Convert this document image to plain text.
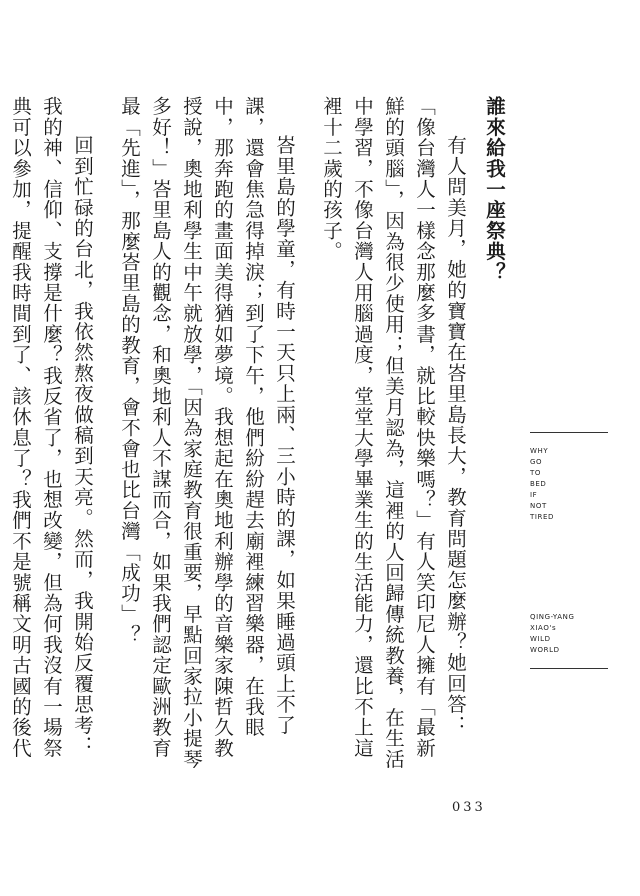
誰來給我一座祭典？
有人問美月，她的寶寶在峇里島長大，教育問題怎麼辦？她回答：「像台灣人一樣念那麼多書，就比較快樂嗎？」有人笑印尼人擁有「最新鮮的頭腦」，因為很少使用；但美月認為，這裡的人回歸傳統教養，在生活中學習，不像台灣人用腦過度，堂堂大學畢業生的生活能力，還比不上這裡十二歲的孩子。
峇里島的學童，有時一天只上兩、三小時的課，如果睡過頭上不了課，還會焦急得掉淚；到了下午，他們紛紛趕去廟裡練習樂器，在我眼中，那奔跑的畫面美得猶如夢境。我想起在奧地利辦學的音樂家陳哲久教授說，奧地利學生中午就放學，「因為家庭教育很重要，早點回家拉小提琴多好！」峇里島人的觀念，和奧地利人不謀而合，如果我們認定歐洲教育最「先進」，那麼峇里島的教育，會不會也比台灣「成功」？
回到忙碌的台北，我依然熬夜做稿到天亮。然而，我開始反覆思考：我的神、信仰、支撐是什麼？我反省了，也想改變，但為何我沒有一場祭典可以參加，提醒我時間到了、該休息了？我們不是號稱文明古國的後代
WHY
GO
TO
BED
IF
NOT
TIRED
QING-YANG
XIAO's
WILD
WORLD
033
